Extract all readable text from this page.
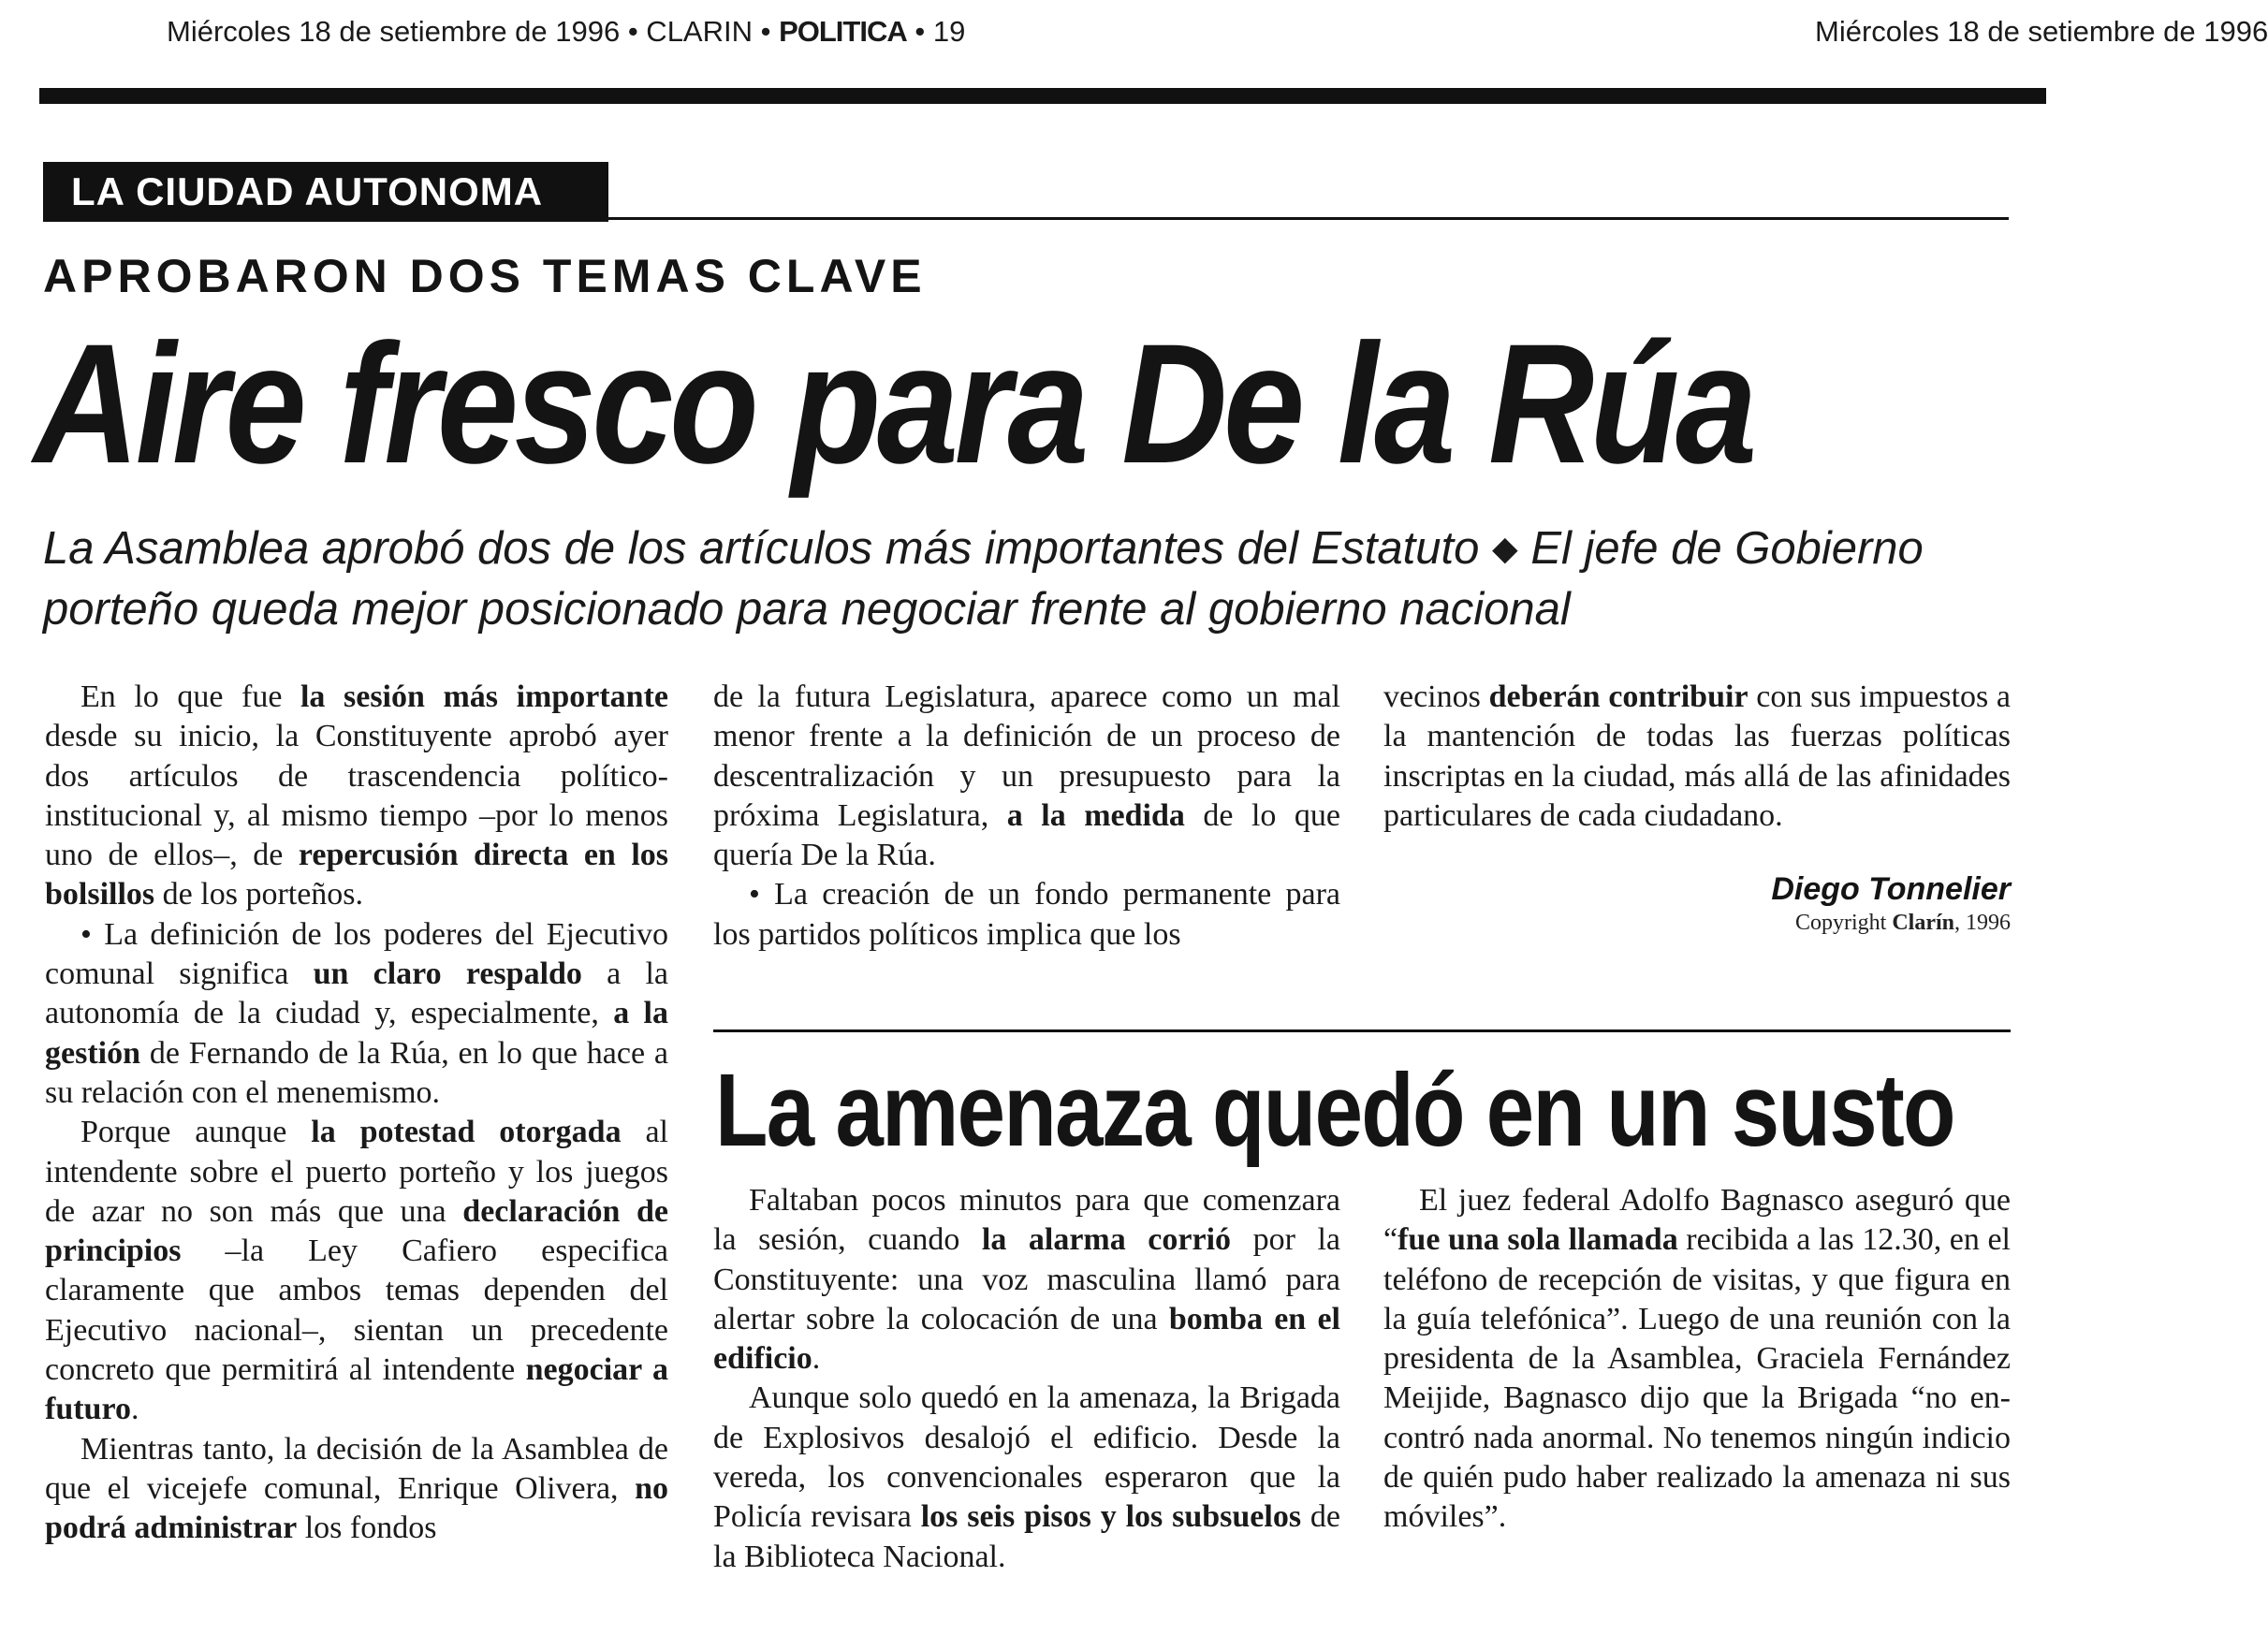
Miércoles 18 de setiembre de 1996 • CLARIN • POLITICA • 19	Miércoles 18 de setiembre de 1996
LA CIUDAD AUTONOMA
APROBARON DOS TEMAS CLAVE
Aire fresco para De la Rúa
La Asamblea aprobó dos de los artículos más importantes del Estatuto ◆ El jefe de Gobierno porteño queda mejor posicionado para negociar frente al gobierno nacional

En lo que fue la sesión más importante desde su inicio, la Constituyente aprobó ayer dos artículos de trascendencia político-institucional y, al mismo tiempo –por lo menos uno de ellos–, de repercusión directa en los bolsillos de los porteños.

• La definición de los poderes del Ejecutivo comunal significa un claro respaldo a la autonomía de la ciudad y, especialmente, a la gestión de Fernando de la Rúa, en lo que hace a su relación con el menemismo.

Porque aunque la potestad otorgada al intendente sobre el puerto porteño y los juegos de azar no son más que una declaración de principios –la Ley Cafiero especifica claramente que ambos temas dependen del Ejecutivo nacional–, sientan un precedente concreto que permitirá al intendente negociar a futuro.

Mientras tanto, la decisión de la Asamblea de que el vicejefe comunal, Enrique Olivera, no podrá administrar los fondos

de la futura Legislatura, aparece como un mal menor frente a la definición de un proceso de descentralización y un presupuesto para la próxima Legislatura, a la medida de lo que quería De la Rúa.

• La creación de un fondo permanente para los partidos políticos implica que los

vecinos deberán contribuir con sus impuestos a la mantención de todas las fuerzas políticas inscriptas en la ciudad, más allá de las afinidades particulares de cada ciudadano.

Diego Tonnelier
Copyright Clarín, 1996
La amenaza quedó en un susto

Faltaban pocos minutos para que comenzara la sesión, cuando la alarma corrió por la Constituyente: una voz masculina llamó para alertar sobre la colocación de una bomba en el edificio.

Aunque solo quedó en la amenaza, la Brigada de Explosivos desalojó el edificio. Desde la vereda, los convencionales esperaron que la Policía revisara los seis pisos y los subsuelos de la Biblioteca Nacional.

El juez federal Adolfo Bagnasco aseguró que “fue una sola llamada recibida a las 12.30, en el teléfono de recepción de visitas, y que figura en la guía telefónica”. Luego de una reunión con la presidenta de la Asamblea, Graciela Fernández Meijide, Bagnasco dijo que la Brigada “no encontró nada anormal. No tenemos ningún indicio de quién pudo haber realizado la amenaza ni sus móviles”.
